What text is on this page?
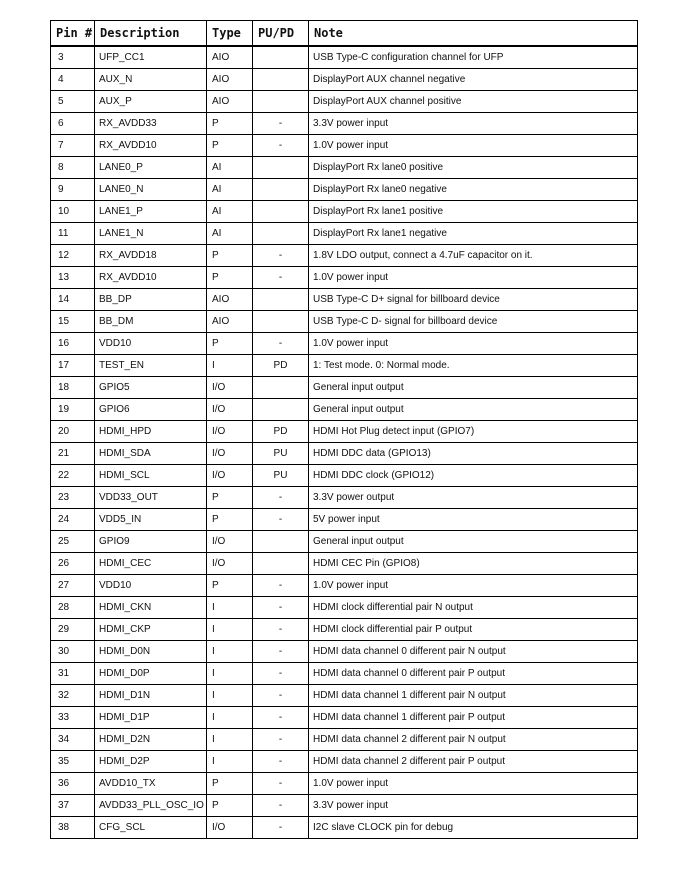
Pin #	Description	Type	PU/PD	Note
3	UFP_CC1	AIO		USB Type-C configuration channel for UFP
4	AUX_N	AIO		DisplayPort AUX channel negative
5	AUX_P	AIO		DisplayPort AUX channel positive
6	RX_AVDD33	P	-	3.3V power input
7	RX_AVDD10	P	-	1.0V power input
8	LANE0_P	AI		DisplayPort Rx lane0 positive
9	LANE0_N	AI		DisplayPort Rx lane0 negative
10	LANE1_P	AI		DisplayPort Rx lane1 positive
11	LANE1_N	AI		DisplayPort Rx lane1 negative
12	RX_AVDD18	P	-	1.8V LDO output, connect a 4.7uF capacitor on it.
13	RX_AVDD10	P	-	1.0V power input
14	BB_DP	AIO		USB Type-C D+ signal for billboard device
15	BB_DM	AIO		USB Type-C D- signal for billboard device
16	VDD10	P	-	1.0V power input
17	TEST_EN	I	PD	1: Test mode. 0: Normal mode.
18	GPIO5	I/O		General input output
19	GPIO6	I/O		General input output
20	HDMI_HPD	I/O	PD	HDMI Hot Plug detect input (GPIO7)
21	HDMI_SDA	I/O	PU	HDMI DDC data (GPIO13)
22	HDMI_SCL	I/O	PU	HDMI DDC clock (GPIO12)
23	VDD33_OUT	P	-	3.3V power output
24	VDD5_IN	P	-	5V power input
25	GPIO9	I/O		General input output
26	HDMI_CEC	I/O		HDMI CEC Pin (GPIO8)
27	VDD10	P	-	1.0V power input
28	HDMI_CKN	I	-	HDMI clock differential pair N output
29	HDMI_CKP	I	-	HDMI clock differential pair P output
30	HDMI_D0N	I	-	HDMI data channel 0 different pair N output
31	HDMI_D0P	I	-	HDMI data channel 0 different pair P output
32	HDMI_D1N	I	-	HDMI data channel 1 different pair N output
33	HDMI_D1P	I	-	HDMI data channel 1 different pair P output
34	HDMI_D2N	I	-	HDMI data channel 2 different pair N output
35	HDMI_D2P	I	-	HDMI data channel 2 different pair P output
36	AVDD10_TX	P	-	1.0V power input
37	AVDD33_PLL_OSC_IO	P	-	3.3V power input
38	CFG_SCL	I/O	-	I2C slave CLOCK pin for debug
